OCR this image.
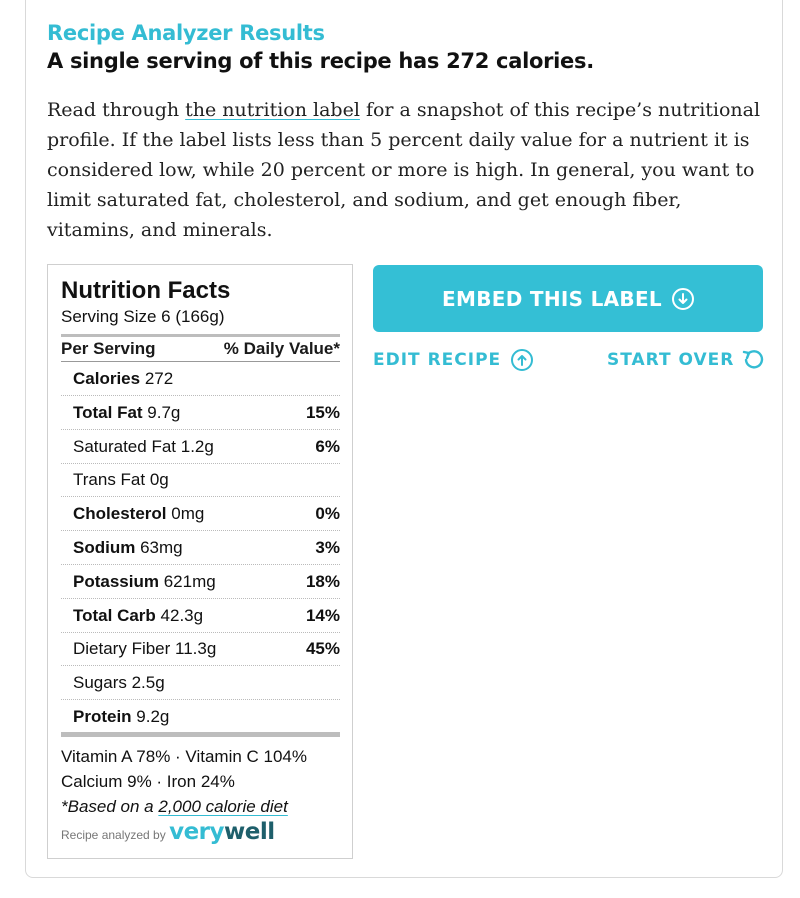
Recipe Analyzer Results
A single serving of this recipe has 272 calories.
Read through the nutrition label for a snapshot of this recipe’s nutritional profile. If the label lists less than 5 percent daily value for a nutrient it is considered low, while 20 percent or more is high. In general, you want to limit saturated fat, cholesterol, and sodium, and get enough fiber, vitamins, and minerals.
Nutrition Facts
Serving Size 6 (166g)
Per Serving	% Daily Value*
Calories 272
Total Fat 9.7g	15%
Saturated Fat 1.2g	6%
Trans Fat 0g
Cholesterol 0mg	0%
Sodium 63mg	3%
Potassium 621mg	18%
Total Carb 42.3g	14%
Dietary Fiber 11.3g	45%
Sugars 2.5g
Protein 9.2g
Vitamin A 78% · Vitamin C 104%
Calcium 9% · Iron 24%
*Based on a 2,000 calorie diet
Recipe analyzed by verywell
EMBED THIS LABEL
EDIT RECIPE	START OVER
